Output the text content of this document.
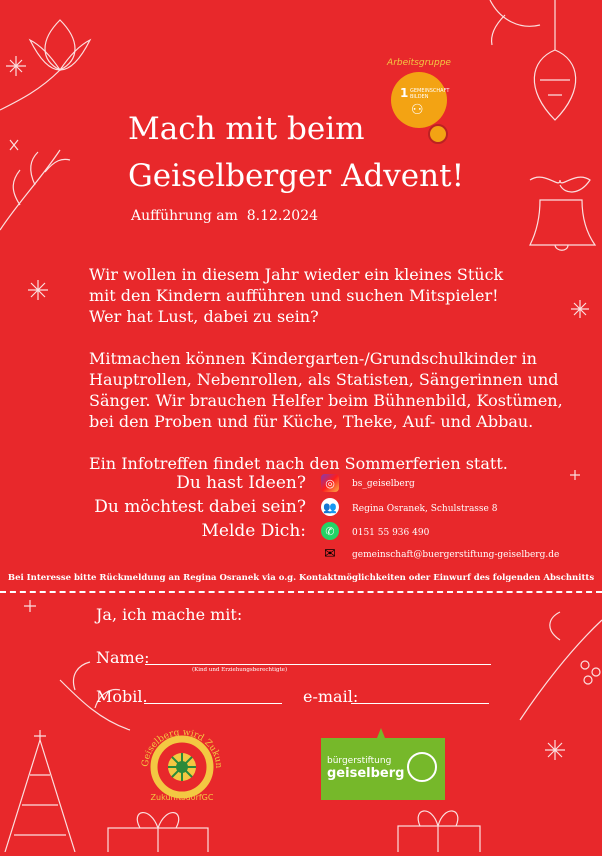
Arbeitsgruppe
1 GEMEINSCHAFT BILDEN
⚇
Mach mit beim
Geiselberger Advent!
Aufführung am  8.12.2024
Wir wollen in diesem Jahr wieder ein kleines Stück
mit den Kindern aufführen und suchen Mitspieler!
Wer hat Lust, dabei zu sein?
Mitmachen können Kindergarten-/Grundschulkinder in
Hauptrollen, Nebenrollen, als Statisten, Sängerinnen und
Sänger. Wir brauchen Helfer beim Bühnenbild, Kostümen,
bei den Proben und für Küche, Theke, Auf- und Abbau.
Ein Infotreffen findet nach den Sommerferien statt.
Du hast Ideen?	◎	bs_geiselberg
Du möchtest dabei sein? 👥 Regina Osranek, Schulstrasse 8
Melde Dich:	✆	0151 55 936 490
✉	gemeinschaft@buergerstiftung-geiselberg.de
Bei Interesse bitte Rückmeldung an Regina Osranek via o.g. Kontaktmöglichkeiten oder Einwurf des folgenden Abschnitts
Ja, ich mache mit:
Name:
(Kind und Erziehungsberechtigte)
Mobil.	e-mail:
Geiselberg wird Zukun
ZukunftsdorfGC
bürgerstiftung
geiselberg
